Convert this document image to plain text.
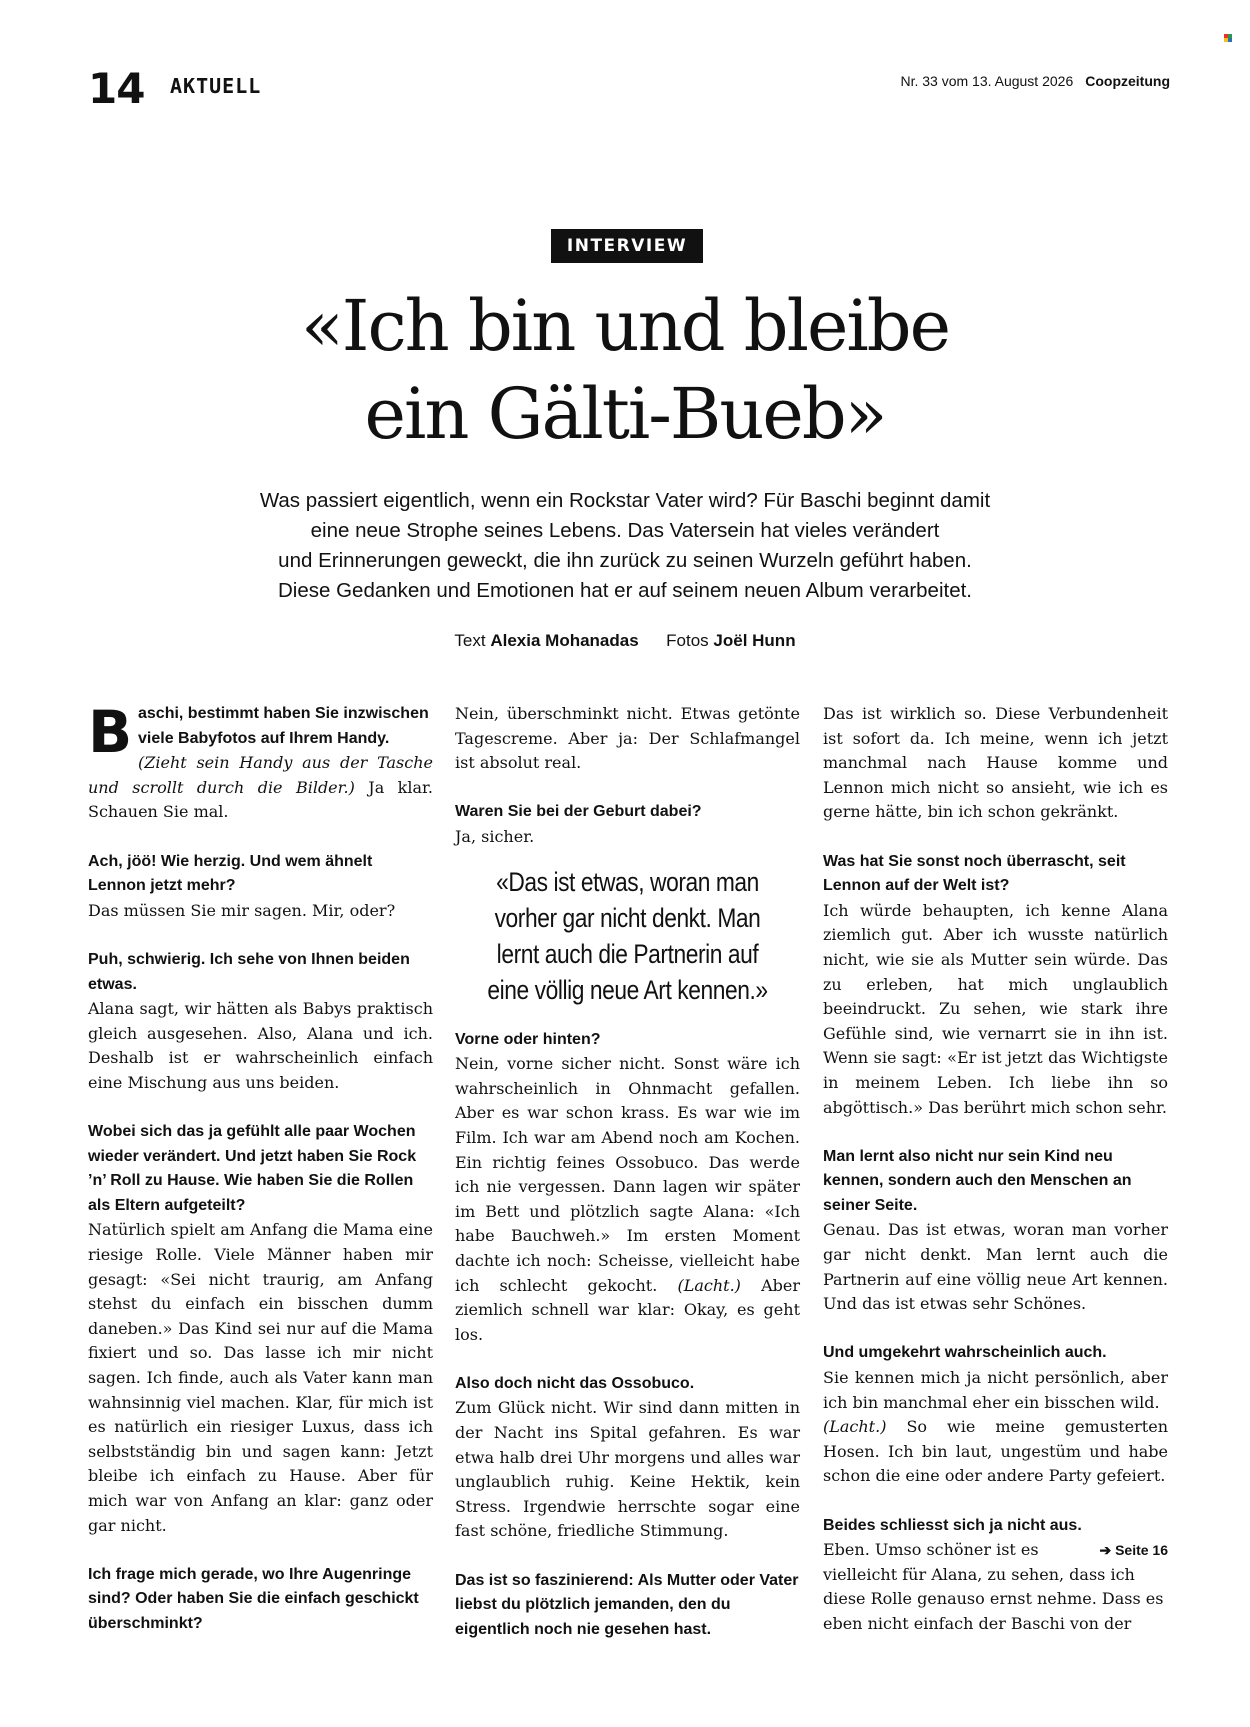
14 AKTUELL	Nr. 33 vom 13. August 2026 Coopzeitung
INTERVIEW
«Ich bin und bleibe
ein Gälti-Bueb»
Was passiert eigentlich, wenn ein Rockstar Vater wird? Für Baschi beginnt damit
eine neue Strophe seines Lebens. Das Vatersein hat vieles verändert
und Erinnerungen geweckt, die ihn zurück zu seinen Wurzeln geführt haben.
Diese Gedanken und Emotionen hat er auf seinem neuen Album verarbeitet.
Text Alexia Mohanadas Fotos Joël Hunn

Baschi, bestimmt haben Sie inzwischen viele Babyfotos auf Ihrem Handy.

(Zieht sein Handy aus der Tasche und scrollt durch die Bilder.) Ja klar. Schauen Sie mal.

Ach, jöö! Wie herzig. Und wem ähnelt Lennon jetzt mehr?

Das müssen Sie mir sagen. Mir, oder?

Puh, schwierig. Ich sehe von Ihnen beiden etwas.

Alana sagt, wir hätten als Babys praktisch gleich ausgesehen. Also, Alana und ich. Deshalb ist er wahrscheinlich einfach eine Mischung aus uns beiden.

Wobei sich das ja gefühlt alle paar Wochen wieder verändert. Und jetzt haben Sie Rock ’n’ Roll zu Hause. Wie haben Sie die Rollen als Eltern aufgeteilt?

Natürlich spielt am Anfang die Mama eine riesige Rolle. Viele Männer haben mir gesagt: «Sei nicht traurig, am Anfang stehst du einfach ein bisschen dumm daneben.» Das Kind sei nur auf die Mama fixiert und so. Das lasse ich mir nicht sagen. Ich finde, auch als Vater kann man wahnsinnig viel machen. Klar, für mich ist es natürlich ein riesiger Luxus, dass ich selbstständig bin und sagen kann: Jetzt bleibe ich einfach zu Hause. Aber für mich war von Anfang an klar: ganz oder gar nicht.

Ich frage mich gerade, wo Ihre Augenringe sind? Oder haben Sie die einfach geschickt überschminkt?

Nein, überschminkt nicht. Etwas getönte Tagescreme. Aber ja: Der Schlafmangel ist absolut real.

Waren Sie bei der Geburt dabei?

Ja, sicher.

«Das ist etwas, woran man
vorher gar nicht denkt. Man
lernt auch die Partnerin auf
eine völlig neue Art kennen.»

Vorne oder hinten?

Nein, vorne sicher nicht. Sonst wäre ich wahrscheinlich in Ohnmacht gefallen. Aber es war schon krass. Es war wie im Film. Ich war am Abend noch am Kochen. Ein richtig feines Ossobuco. Das werde ich nie vergessen. Dann lagen wir später im Bett und plötzlich sagte Alana: «Ich habe Bauchweh.» Im ersten Moment dachte ich noch: Scheisse, vielleicht habe ich schlecht gekocht. (Lacht.) Aber ziemlich schnell war klar: Okay, es geht los.

Also doch nicht das Ossobuco.

Zum Glück nicht. Wir sind dann mitten in der Nacht ins Spital gefahren. Es war etwa halb drei Uhr morgens und alles war unglaublich ruhig. Keine Hektik, kein Stress. Irgendwie herrschte sogar eine fast schöne, friedliche Stimmung.

Das ist so faszinierend: Als Mutter oder Vater liebst du plötzlich jemanden, den du eigentlich noch nie gesehen hast.

Das ist wirklich so. Diese Verbundenheit ist sofort da. Ich meine, wenn ich jetzt manchmal nach Hause komme und Lennon mich nicht so ansieht, wie ich es gerne hätte, bin ich schon gekränkt.

Was hat Sie sonst noch überrascht, seit Lennon auf der Welt ist?

Ich würde behaupten, ich kenne Alana ziemlich gut. Aber ich wusste natürlich nicht, wie sie als Mutter sein würde. Das zu erleben, hat mich unglaublich beeindruckt. Zu sehen, wie stark ihre Gefühle sind, wie vernarrt sie in ihn ist. Wenn sie sagt: «Er ist jetzt das Wichtigste in meinem Leben. Ich liebe ihn so abgöttisch.» Das berührt mich schon sehr.

Man lernt also nicht nur sein Kind neu kennen, sondern auch den Menschen an seiner Seite.

Genau. Das ist etwas, woran man vorher gar nicht denkt. Man lernt auch die Partnerin auf eine völlig neue Art kennen. Und das ist etwas sehr Schönes.

Und umgekehrt wahrscheinlich auch.

Sie kennen mich ja nicht persönlich, aber ich bin manchmal eher ein bisschen wild.
(Lacht.) So wie meine gemusterten Hosen. Ich bin laut, ungestüm und habe schon die eine oder andere Party gefeiert.

Beides schliesst sich ja nicht aus.

➔ Seite 16
Eben. Umso schöner ist es vielleicht für Alana, zu sehen, dass ich diese Rolle genauso ernst nehme. Dass es eben nicht einfach der Baschi von der
